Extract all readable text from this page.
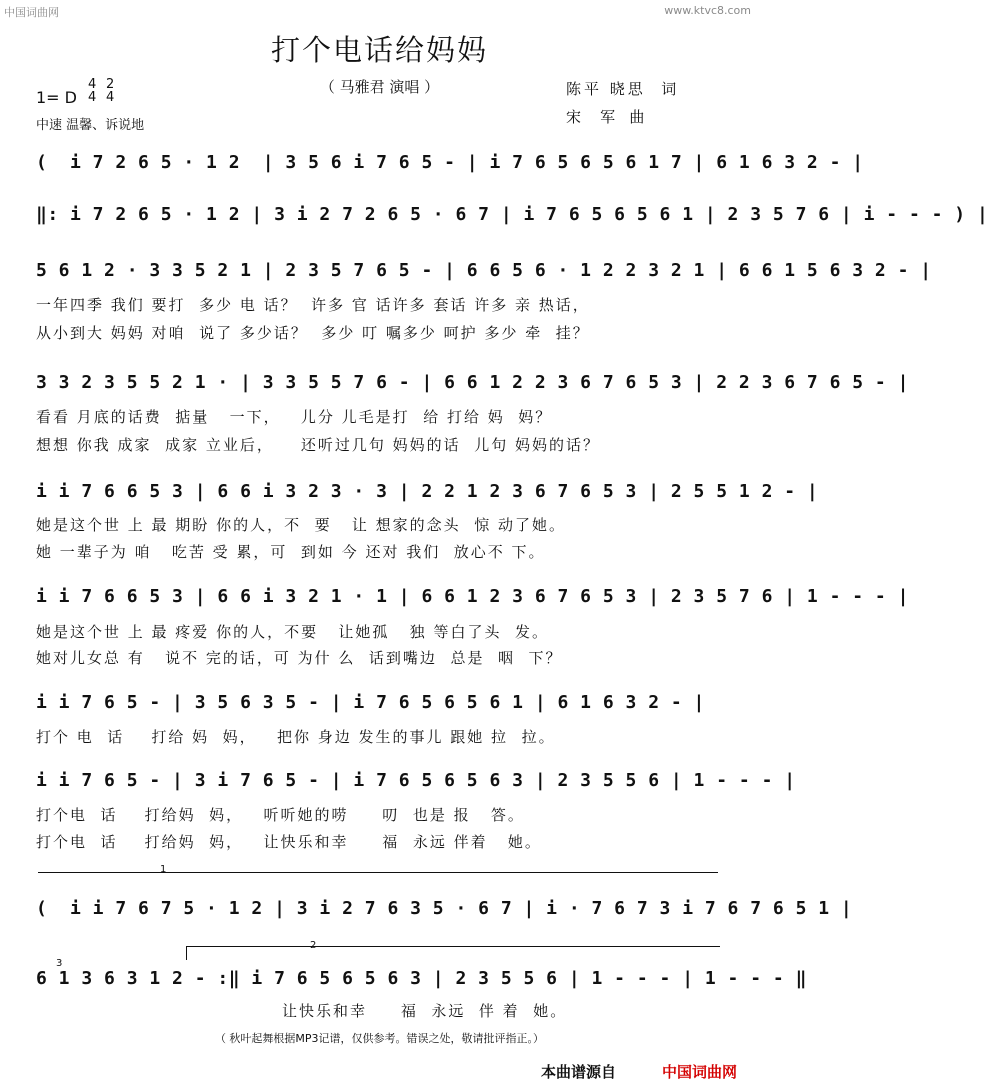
中国词曲网	www.ktvc8.com
打个电话给妈妈
（ 马雅君 演唱 ）
1= D
4
4
2
4
中速 温馨、诉说地
陈平 晓思  词
宋    军   曲
(  i 7 2 6 5 · 1 2  | 3 5 6 i 7 6 5 - | i 7 6 5 6 5 6 1 7 | 6 1 6 3 2 - |
‖: i 7 2 6 5 · 1 2 | 3 i 2 7 2 6 5 · 6 7 | i 7 6 5 6 5 6 1 | 2 3 5 7 6 | i - - - ) |
5 6 1 2 · 3 3 5 2 1 | 2 3 5 7 6 5 - | 6 6 5 6 · 1 2 2 3 2 1 | 6 6 1 5 6 3 2 - |
一年四季 我们 要打  多少 电 话？  许多 官 话许多 套话 许多 亲 热话，
从小到大 妈妈 对咱  说了 多少话？  多少 叮 嘱多少 呵护 多少 牵  挂？
3 3 2 3 5 5 2 1 · | 3 3 5 5 7 6 - | 6 6 1 2 2 3 6 7 6 5 3 | 2 2 3 6 7 6 5 - |
看看 月底的话费  掂量   一下，   儿分 儿毛是打  给 打给 妈  妈？
想想 你我 成家  成家 立业后，    还听过几句 妈妈的话  儿句 妈妈的话？
i i 7 6 6 5 3 | 6 6 i 3 2 3 · 3 | 2 2 1 2 3 6 7 6 5 3 | 2 5 5 1 2 - |
她是这个世 上 最 期盼 你的人，不  要   让 想家的念头  惊 动了她。
她 一辈子为 咱   吃苦 受 累，可  到如 今 还对 我们  放心不 下。
i i 7 6 6 5 3 | 6 6 i 3 2 1 · 1 | 6 6 1 2 3 6 7 6 5 3 | 2 3 5 7 6 | 1 - - - |
她是这个世 上 最 疼爱 你的人，不要   让她孤   独 等白了头  发。
她对儿女总 有   说不 完的话，可 为什 么  话到嘴边  总是  咽  下？
i i 7 6 5 - | 3 5 6 3 5 - | i 7 6 5 6 5 6 1 | 6 1 6 3 2 - |
打个 电  话    打给 妈  妈，   把你 身边 发生的事儿 跟她 拉  拉。
i i 7 6 5 - | 3 i 7 6 5 - | i 7 6 5 6 5 6 3 | 2 3 5 5 6 | 1 - - - |
打个电  话    打给妈  妈，   听听她的唠     叨  也是 报   答。
打个电  话    打给妈  妈，   让快乐和幸     福  永远 伴着   她。
1
(  i i 7 6 7 5 · 1 2 | 3 i 2 7 6 3 5 · 6 7 | i · 7 6 7 3 i 7 6 7 6 5 1 |
2
3
6 1 3 6 3 1 2 - :‖ i 7 6 5 6 5 6 3 | 2 3 5 5 6 | 1 - - - | 1 - - - ‖
让快乐和幸     福  永远  伴 着  她。
（ 秋叶起舞根据MP3记谱，仅供参考。错误之处，敬请批评指正。）
本曲谱源自	中国词曲网
